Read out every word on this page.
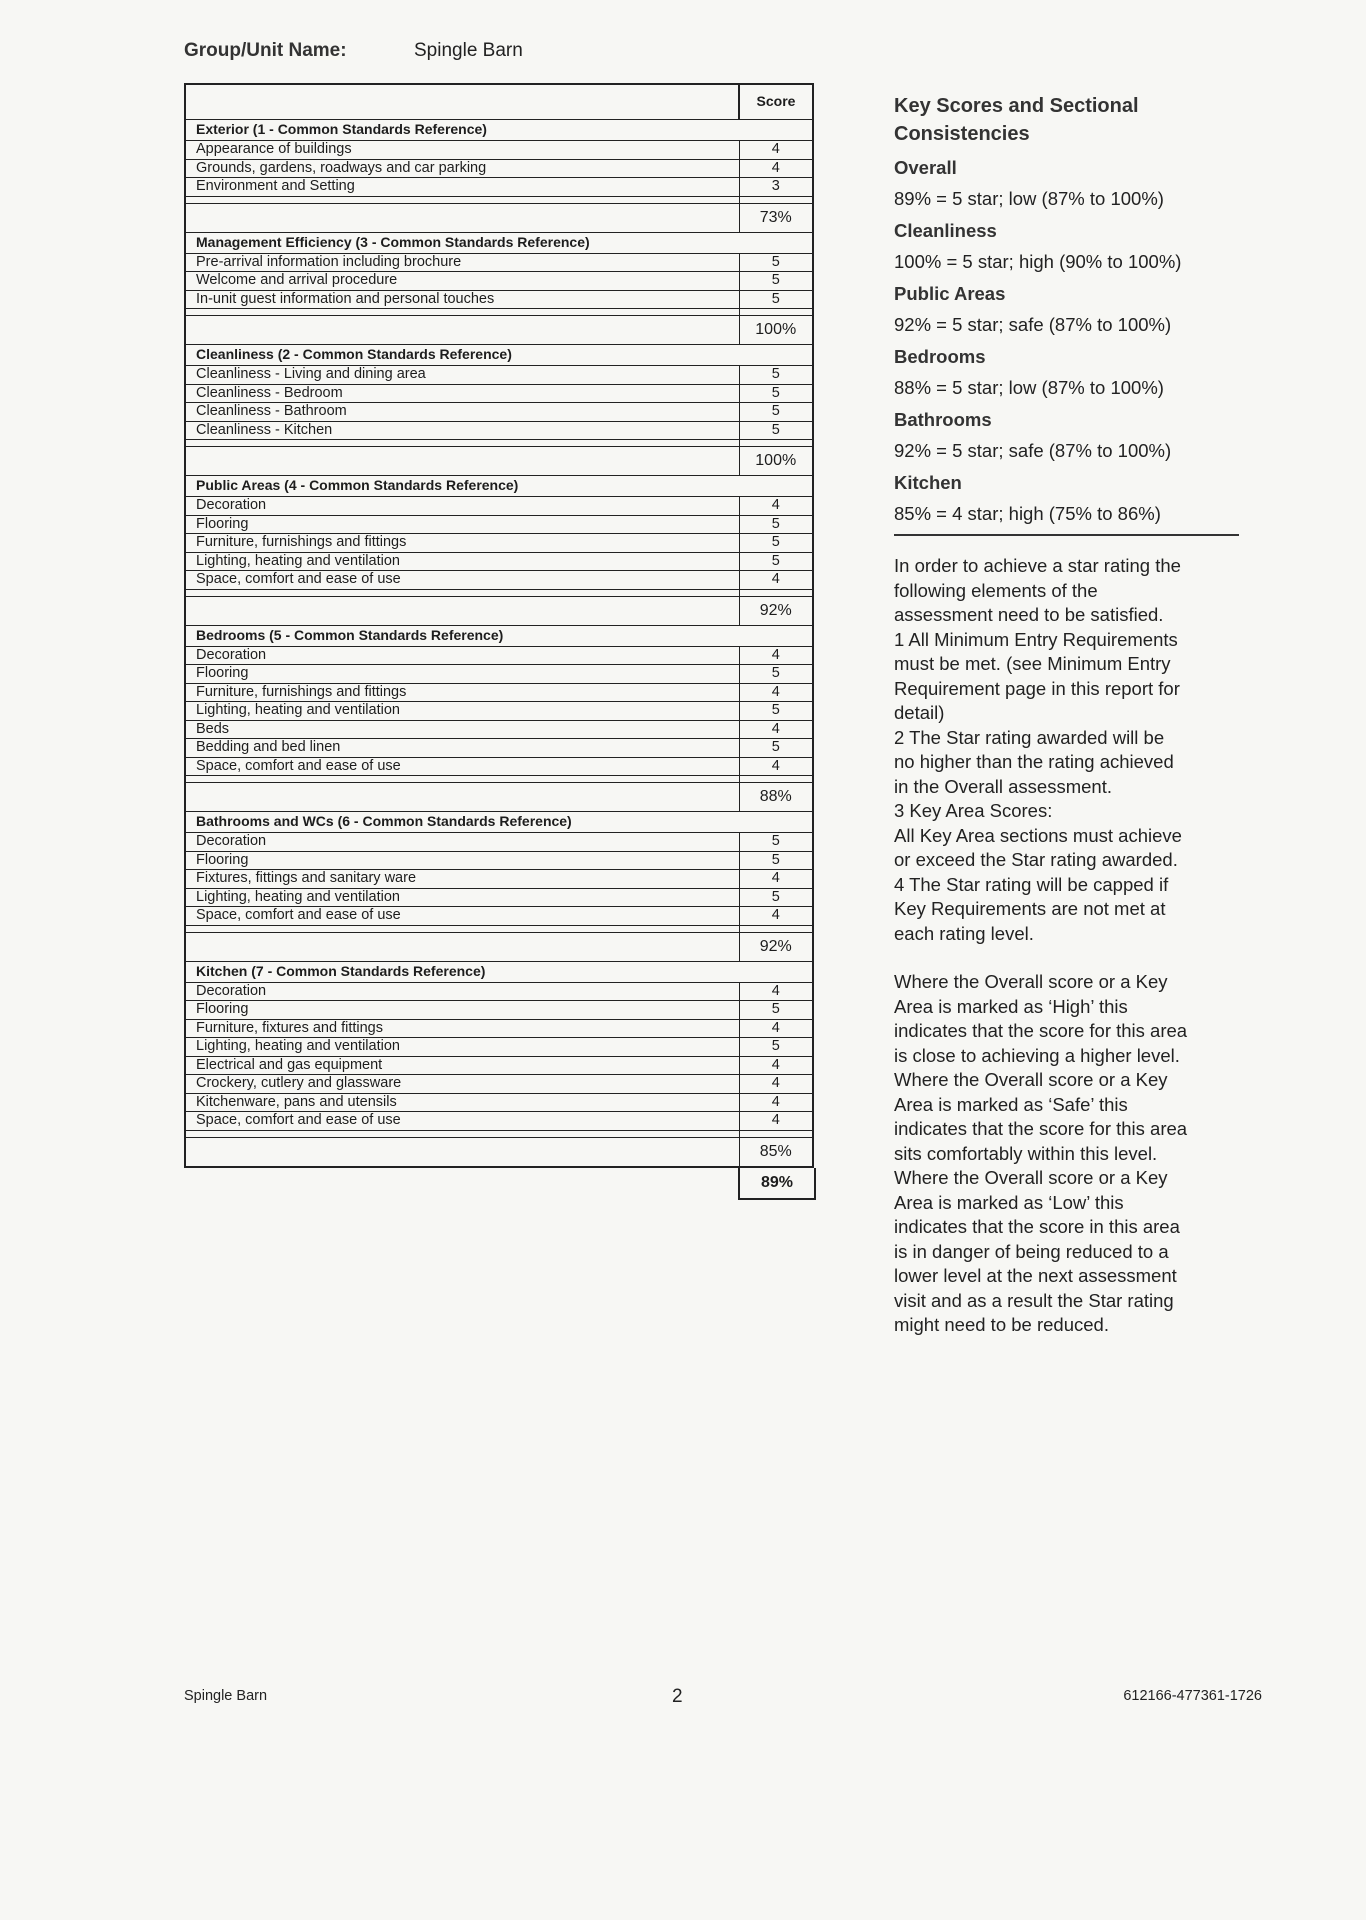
Group/Unit Name:	Spingle Barn
	Score
Exterior (1 - Common Standards Reference)	
Appearance of buildings	4
Grounds, gardens, roadways and car parking	4
Environment and Setting	3

	73%
Management Efficiency (3 - Common Standards Reference)	
Pre-arrival information including brochure	5
Welcome and arrival procedure	5
In-unit guest information and personal touches	5

	100%
Cleanliness (2 - Common Standards Reference)	
Cleanliness - Living and dining area	5
Cleanliness - Bedroom	5
Cleanliness - Bathroom	5
Cleanliness - Kitchen	5

	100%
Public Areas (4 - Common Standards Reference)	
Decoration	4
Flooring	5
Furniture, furnishings and fittings	5
Lighting, heating and ventilation	5
Space, comfort and ease of use	4

	92%
Bedrooms (5 - Common Standards Reference)	
Decoration	4
Flooring	5
Furniture, furnishings and fittings	4
Lighting, heating and ventilation	5
Beds	4
Bedding and bed linen	5
Space, comfort and ease of use	4

	88%
Bathrooms and WCs (6 - Common Standards Reference)	
Decoration	5
Flooring	5
Fixtures, fittings and sanitary ware	4
Lighting, heating and ventilation	5
Space, comfort and ease of use	4

	92%
Kitchen (7 - Common Standards Reference)	
Decoration	4
Flooring	5
Furniture, fixtures and fittings	4
Lighting, heating and ventilation	5
Electrical and gas equipment	4
Crockery, cutlery and glassware	4
Kitchenware, pans and utensils	4
Space, comfort and ease of use	4

	85%
89%
Key Scores and Sectional Consistencies
Overall
89% = 5 star; low (87% to 100%)
Cleanliness
100% = 5 star; high (90% to 100%)
Public Areas
92% = 5 star; safe (87% to 100%)
Bedrooms
88% = 5 star; low (87% to 100%)
Bathrooms
92% = 5 star; safe (87% to 100%)
Kitchen
85% = 4 star; high (75% to 86%)

In order to achieve a star rating the
following elements of the
assessment need to be satisfied.
1 All Minimum Entry Requirements
must be met. (see Minimum Entry
Requirement page in this report for
detail)
2 The Star rating awarded will be
no higher than the rating achieved
in the Overall assessment.
3 Key Area Scores:
All Key Area sections must achieve
or exceed the Star rating awarded.
4 The Star rating will be capped if
Key Requirements are not met at
each rating level.

Where the Overall score or a Key
Area is marked as ‘High’ this
indicates that the score for this area
is close to achieving a higher level.
Where the Overall score or a Key
Area is marked as ‘Safe’ this
indicates that the score for this area
sits comfortably within this level.
Where the Overall score or a Key
Area is marked as ‘Low’ this
indicates that the score in this area
is in danger of being reduced to a
lower level at the next assessment
visit and as a result the Star rating
might need to be reduced.

Spingle Barn	2	612166-477361-1726
